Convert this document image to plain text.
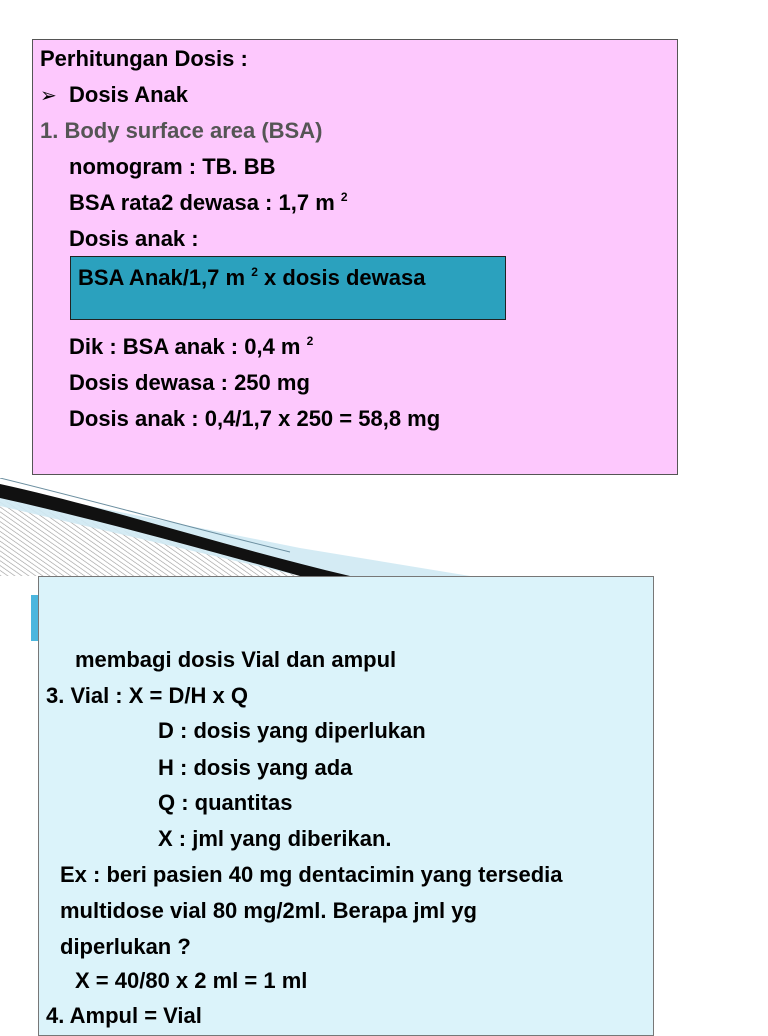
Perhitungan Dosis :
➢ Dosis Anak
1. Body surface area (BSA)
nomogram : TB. BB
BSA rata2 dewasa : 1,7 m $^2$
Dosis anak :
BSA Anak/1,7 m $^2$ x dosis dewasa
Dik : BSA anak : 0,4 m $^2$
Dosis dewasa : 250 mg
Dosis anak : 0,4/1,7 x 250 = 58,8 mg
membagi dosis Vial dan ampul
3. Vial : X = D/H x Q
D : dosis yang diperlukan
H : dosis yang ada
Q : quantitas
X : jml yang diberikan.
Ex : beri pasien 40 mg dentacimin yang tersedia
multidose vial 80 mg/2ml. Berapa jml yg
diperlukan ?
X = 40/80 x 2 ml = 1 ml
4. Ampul = Vial
